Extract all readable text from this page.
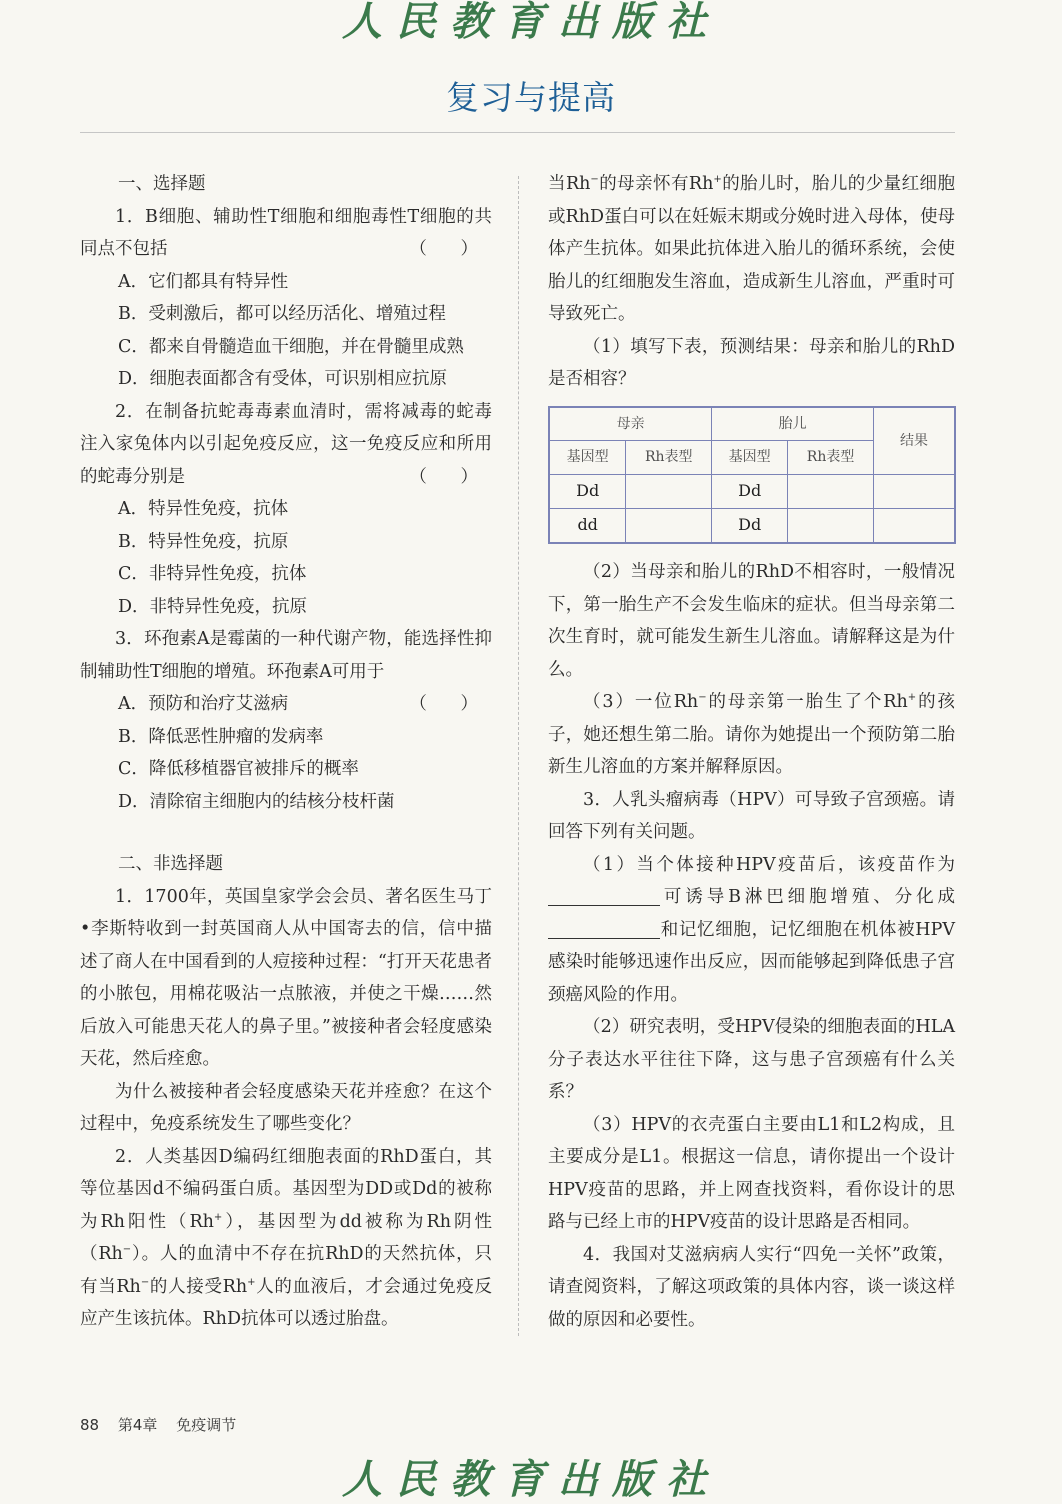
人民教育出版社
复习与提高

一、选择题

1．B细胞、辅助性T细胞和细胞毒性T细胞的共同点不包括	（ ）

A．它们都具有特异性

B．受刺激后，都可以经历活化、增殖过程

C．都来自骨髓造血干细胞，并在骨髓里成熟

D．细胞表面都含有受体，可识别相应抗原

2．在制备抗蛇毒毒素血清时，需将减毒的蛇毒注入家兔体内以引起免疫反应，这一免疫反应和所用的蛇毒分别是	（ ）

A．特异性免疫，抗体

B．特异性免疫，抗原

C．非特异性免疫，抗体

D．非特异性免疫，抗原

3．环孢素A是霉菌的一种代谢产物，能选择性抑制辅助性T细胞的增殖。环孢素A可用于
（ ）

A．预防和治疗艾滋病

B．降低恶性肿瘤的发病率

C．降低移植器官被排斥的概率

D．清除宿主细胞内的结核分枝杆菌

二、非选择题

1．1700年，英国皇家学会会员、著名医生马丁•李斯特收到一封英国商人从中国寄去的信，信中描述了商人在中国看到的人痘接种过程：“打开天花患者的小脓包，用棉花吸沾一点脓液，并使之干燥……然后放入可能患天花人的鼻子里。”被接种者会轻度感染天花，然后痊愈。

为什么被接种者会轻度感染天花并痊愈？在这个过程中，免疫系统发生了哪些变化？

2．人类基因D编码红细胞表面的RhD蛋白，其等位基因d不编码蛋白质。基因型为DD或Dd的被称为Rh阳性（Rh+），基因型为dd被称为Rh阴性（Rh−）。人的血清中不存在抗RhD的天然抗体，只有当Rh−的人接受Rh+人的血液后，才会通过免疫反应产生该抗体。RhD抗体可以透过胎盘。

当Rh−的母亲怀有Rh+的胎儿时，胎儿的少量红细胞或RhD蛋白可以在妊娠末期或分娩时进入母体，使母体产生抗体。如果此抗体进入胎儿的循环系统，会使胎儿的红细胞发生溶血，造成新生儿溶血，严重时可导致死亡。

（1）填写下表，预测结果：母亲和胎儿的RhD是否相容？

母亲		胎儿		结果
基因型	Rh表型	基因型	Rh表型	
Dd		Dd		
dd		Dd		

（2）当母亲和胎儿的RhD不相容时，一般情况下，第一胎生产不会发生临床的症状。但当母亲第二次生育时，就可能发生新生儿溶血。请解释这是为什么。

（3）一位Rh−的母亲第一胎生了个Rh+的孩子，她还想生第二胎。请你为她提出一个预防第二胎新生儿溶血的方案并解释原因。

3．人乳头瘤病毒（HPV）可导致子宫颈癌。请回答下列有关问题。

（1）当个体接种HPV疫苗后，该疫苗作为可诱导B淋巴细胞增殖、分化成和记忆细胞，记忆细胞在机体被HPV感染时能够迅速作出反应，因而能够起到降低患子宫颈癌风险的作用。

（2）研究表明，受HPV侵染的细胞表面的HLA分子表达水平往往下降，这与患子宫颈癌有什么关系？

（3）HPV的衣壳蛋白主要由L1和L2构成，且主要成分是L1。根据这一信息，请你提出一个设计HPV疫苗的思路，并上网查找资料，看你设计的思路与已经上市的HPV疫苗的设计思路是否相同。

4．我国对艾滋病病人实行“四免一关怀”政策，请查阅资料，了解这项政策的具体内容，谈一谈这样做的原因和必要性。

88 第4章 免疫调节
人民教育出版社
